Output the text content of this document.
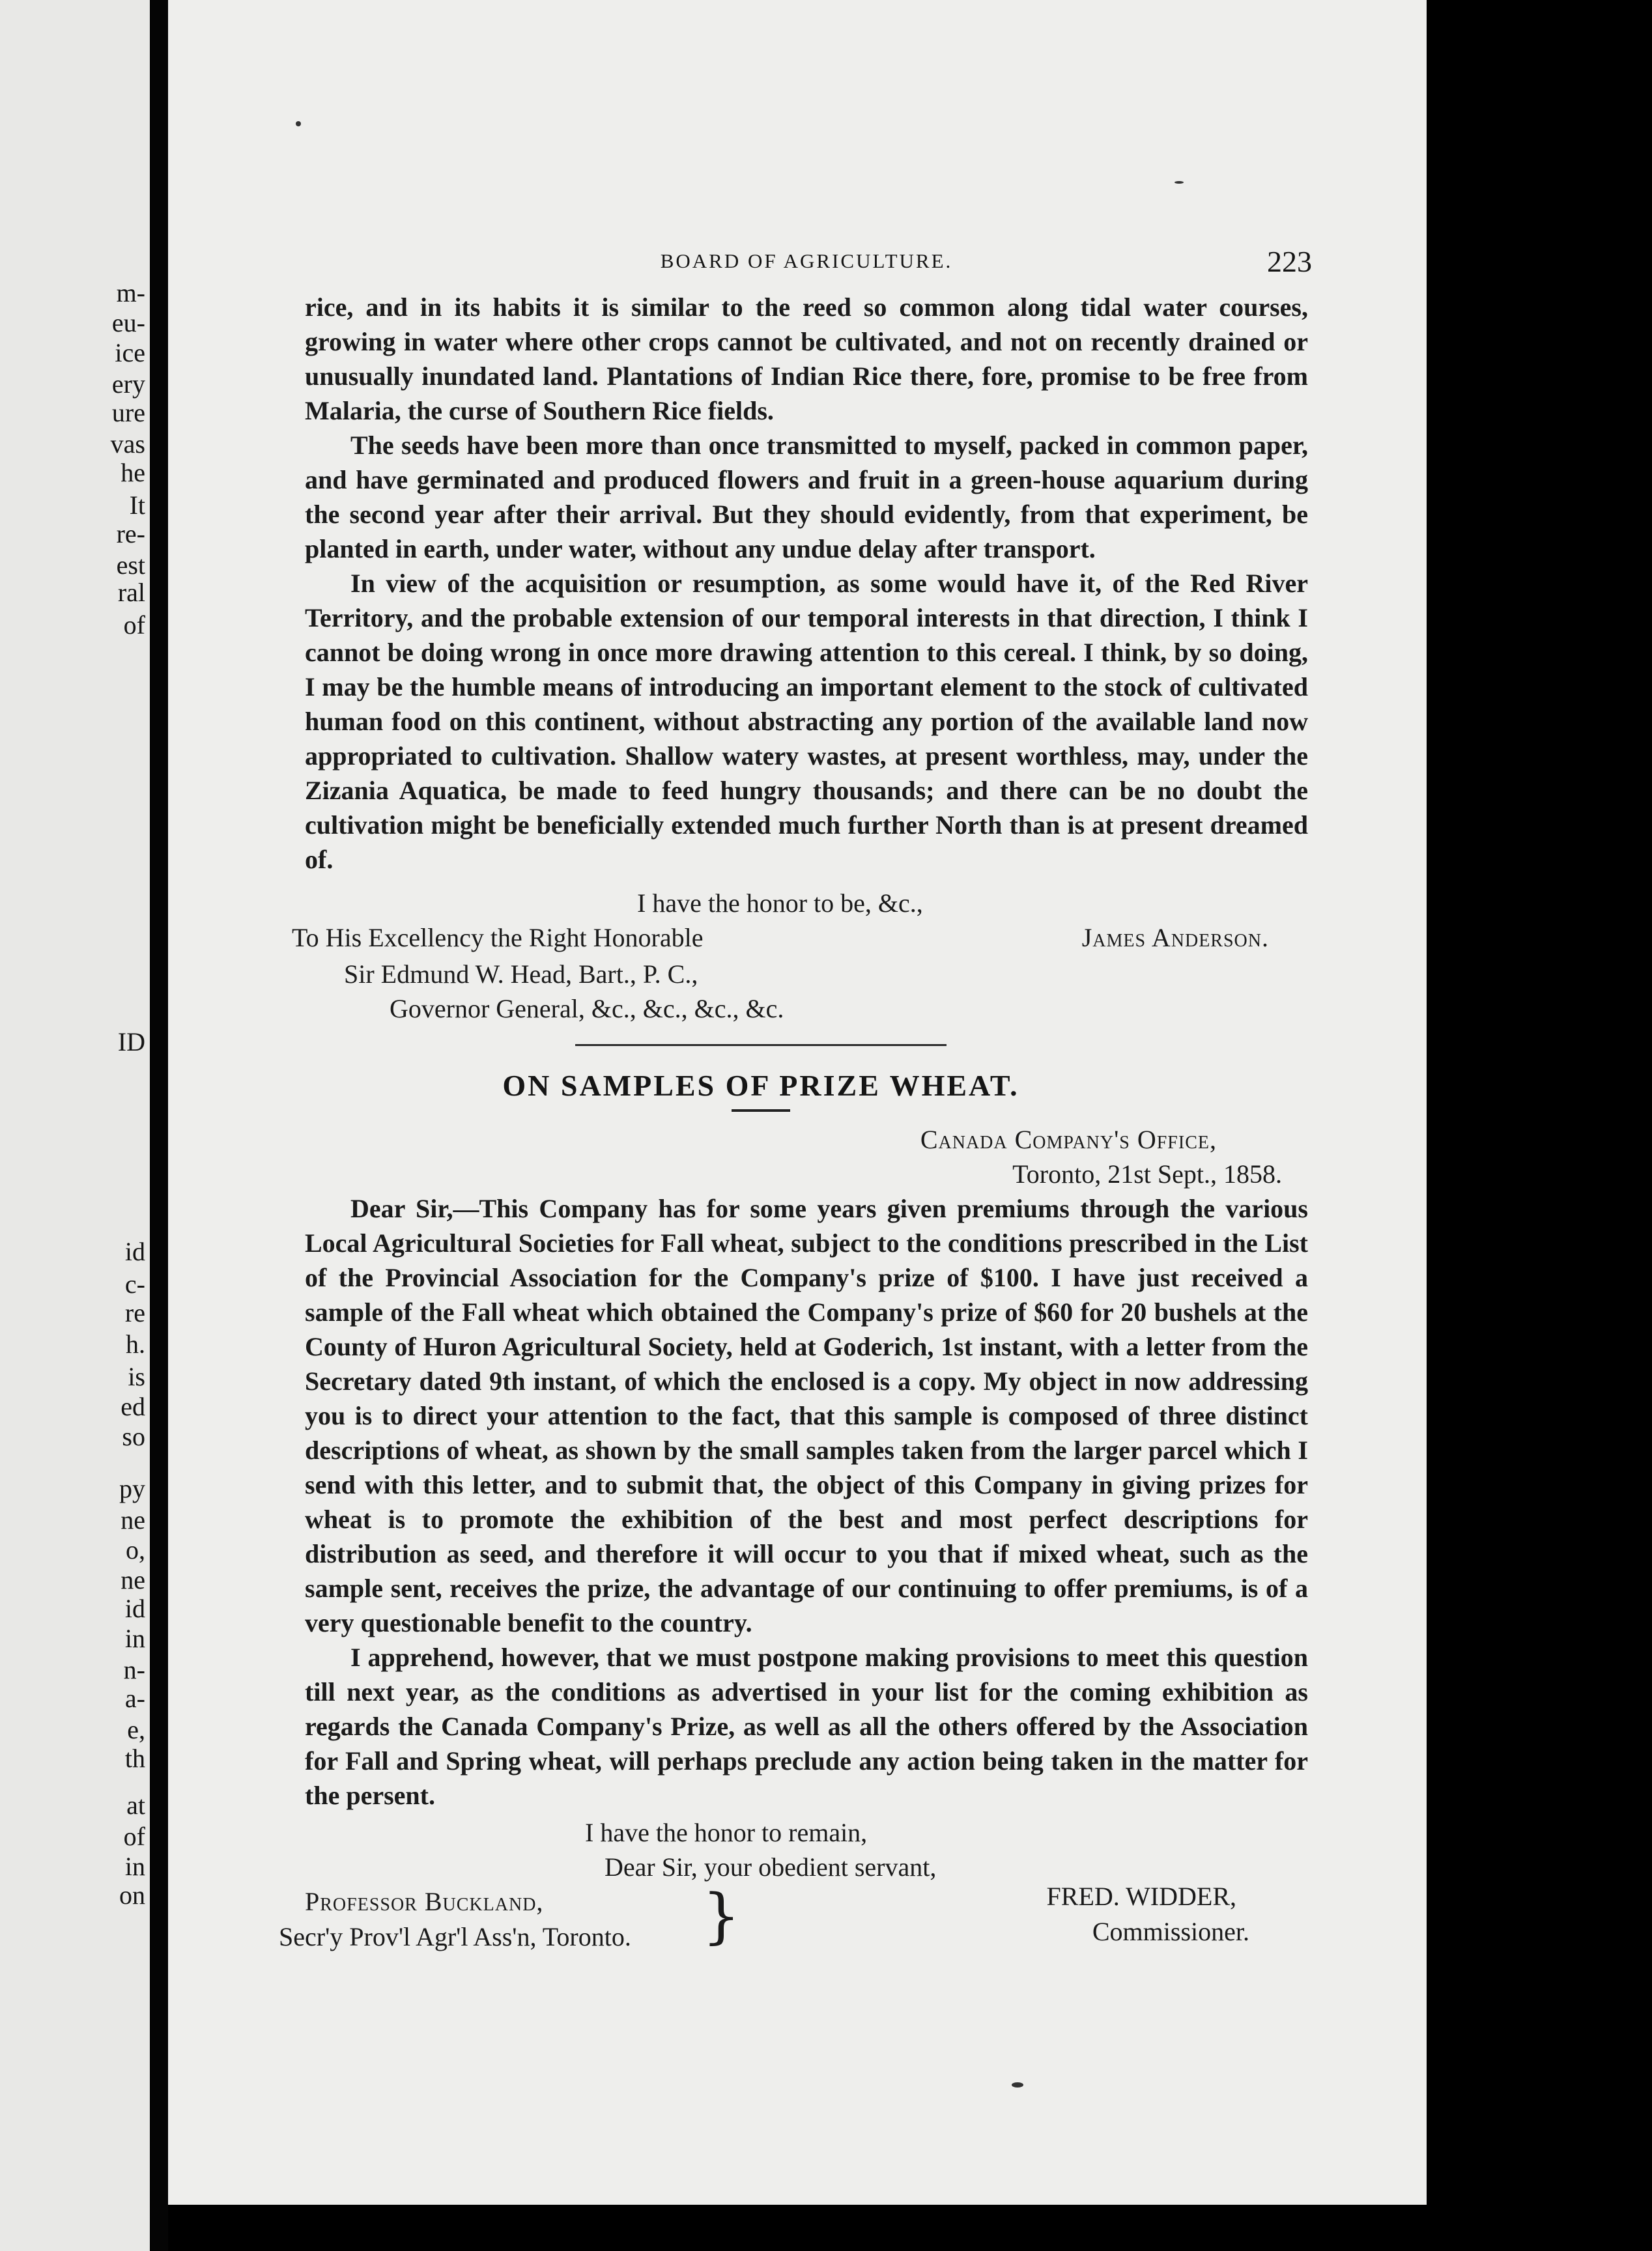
m-
eu-
ice
ery
ure
vas
he
It
re-
est
ral
of
ID
id
c-
re
h.
is
ed
so
py
ne
o,
ne
id
in
n-
a-
e,
th
at
of
in
on
BOARD OF AGRICULTURE.	223

rice, and in its habits it is similar to the reed so common along tidal water courses, growing in water where other crops cannot be cultivated, and not on recently drained or unusually inundated land. Plantations of Indian Rice there, fore, promise to be free from Malaria, the curse of Southern Rice fields.

The seeds have been more than once transmitted to myself, packed in common paper, and have germinated and produced flowers and fruit in a green-house aquarium during the second year after their arrival. But they should evidently, from that experiment, be planted in earth, under water, without any undue delay after transport.

In view of the acquisition or resumption, as some would have it, of the Red River Territory, and the probable extension of our temporal interests in that direction, I think I cannot be doing wrong in once more drawing attention to this cereal. I think, by so doing, I may be the humble means of introducing an important element to the stock of cultivated human food on this continent, without abstracting any portion of the available land now appropriated to cultivation. Shallow watery wastes, at present worthless, may, under the Zizania Aquatica, be made to feed hungry thousands; and there can be no doubt the cultivation might be beneficially extended much further North than is at present dreamed of.

I have the honor to be, &c.,
To His Excellency the Right Honorable	James Anderson.
Sir Edmund W. Head, Bart., P. C.,
Governor General, &c., &c., &c., &c.
ON SAMPLES OF PRIZE WHEAT.
Canada Company's Office,
Toronto, 21st Sept., 1858.

Dear Sir,—This Company has for some years given premiums through the various Local Agricultural Societies for Fall wheat, subject to the conditions prescribed in the List of the Provincial Association for the Company's prize of $100. I have just received a sample of the Fall wheat which obtained the Company's prize of $60 for 20 bushels at the County of Huron Agricultural Society, held at Goderich, 1st instant, with a letter from the Secretary dated 9th instant, of which the enclosed is a copy. My object in now addressing you is to direct your attention to the fact, that this sample is composed of three distinct descriptions of wheat, as shown by the small samples taken from the larger parcel which I send with this letter, and to submit that, the object of this Company in giving prizes for wheat is to promote the exhibition of the best and most perfect descriptions for distribution as seed, and therefore it will occur to you that if mixed wheat, such as the sample sent, receives the prize, the advantage of our continuing to offer premiums, is of a very questionable benefit to the country.

I apprehend, however, that we must postpone making provisions to meet this question till next year, as the conditions as advertised in your list for the coming exhibition as regards the Canada Company's Prize, as well as all the others offered by the Association for Fall and Spring wheat, will perhaps preclude any action being taken in the matter for the persent.

I have the honor to remain,
Dear Sir, your obedient servant,
Professor Buckland,
Secr'y Prov'l Agr'l Ass'n, Toronto. }	FRED. WIDDER,
Commissioner.
